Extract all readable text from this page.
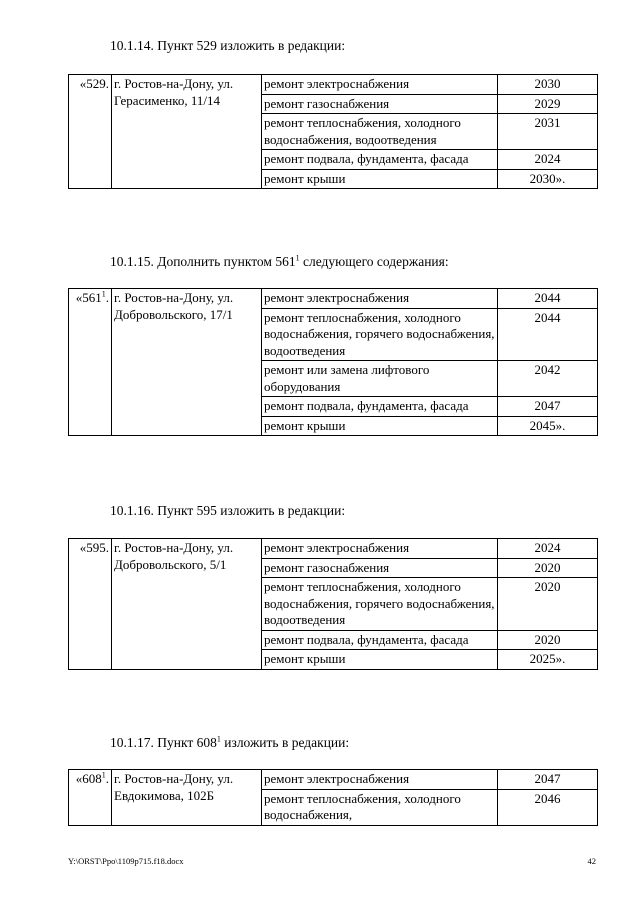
10.1.14. Пункт 529 изложить в редакции:
«529.	г. Ростов-на-Дону, ул. Герасименко, 11/14	ремонт электроснабжения	2030
		ремонт газоснабжения	2029
		ремонт теплоснабжения, холодного водоснабжения, водоотведения	2031
		ремонт подвала, фундамента, фасада	2024
		ремонт крыши	2030».
10.1.15. Дополнить пунктом $561^1$ следующего содержания:
«$561^1$.	г. Ростов-на-Дону, ул. Добровольского, 17/1	ремонт электроснабжения	2044
		ремонт теплоснабжения, холодного водоснабжения, горячего водоснабжения, водоотведения	2044
		ремонт или замена лифтового оборудования	2042
		ремонт подвала, фундамента, фасада	2047
		ремонт крыши	2045».
10.1.16. Пункт 595 изложить в редакции:
«595.	г. Ростов-на-Дону, ул. Добровольского, 5/1	ремонт электроснабжения	2024
		ремонт газоснабжения	2020
		ремонт теплоснабжения, холодного водоснабжения, горячего водоснабжения, водоотведения	2020
		ремонт подвала, фундамента, фасада	2020
		ремонт крыши	2025».
10.1.17. Пункт $608^1$ изложить в редакции:
«$608^1$.	г. Ростов-на-Дону, ул. Евдокимова, 102Б	ремонт электроснабжения	2047
		ремонт теплоснабжения, холодного водоснабжения,	2046
Y:\ORST\Ppo\1109p715.f18.docx	42
